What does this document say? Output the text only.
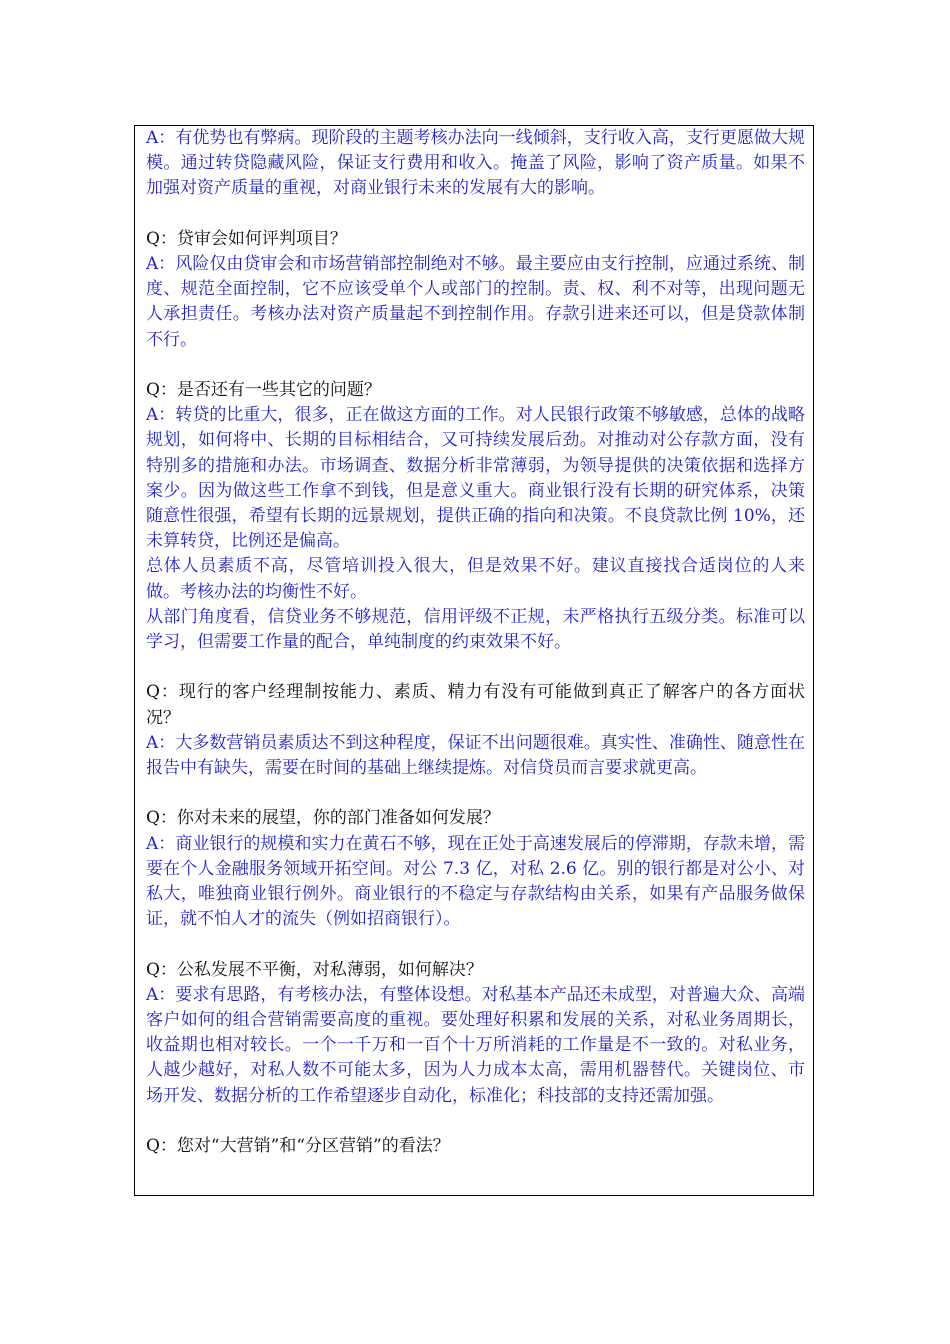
A：有优势也有弊病。现阶段的主题考核办法向一线倾斜，支行收入高，支行更愿做大规模。通过转贷隐藏风险，保证支行费用和收入。掩盖了风险，影响了资产质量。如果不加强对资产质量的重视，对商业银行未来的发展有大的影响。

Q：贷审会如何评判项目？

A：风险仅由贷审会和市场营销部控制绝对不够。最主要应由支行控制，应通过系统、制度、规范全面控制，它不应该受单个人或部门的控制。责、权、利不对等，出现问题无人承担责任。考核办法对资产质量起不到控制作用。存款引进来还可以，但是贷款体制不行。

Q：是否还有一些其它的问题？

A：转贷的比重大，很多，正在做这方面的工作。对人民银行政策不够敏感，总体的战略规划，如何将中、长期的目标相结合，又可持续发展后劲。对推动对公存款方面，没有特别多的措施和办法。市场调查、数据分析非常薄弱，为领导提供的决策依据和选择方案少。因为做这些工作拿不到钱，但是意义重大。商业银行没有长期的研究体系，决策随意性很强，希望有长期的远景规划，提供正确的指向和决策。不良贷款比例 10%，还未算转贷，比例还是偏高。

总体人员素质不高，尽管培训投入很大，但是效果不好。建议直接找合适岗位的人来做。考核办法的均衡性不好。

从部门角度看，信贷业务不够规范，信用评级不正规，未严格执行五级分类。标准可以学习，但需要工作量的配合，单纯制度的约束效果不好。

Q：现行的客户经理制按能力、素质、精力有没有可能做到真正了解客户的各方面状况？

A：大多数营销员素质达不到这种程度，保证不出问题很难。真实性、准确性、随意性在报告中有缺失，需要在时间的基础上继续提炼。对信贷员而言要求就更高。

Q：你对未来的展望，你的部门准备如何发展？

A：商业银行的规模和实力在黄石不够，现在正处于高速发展后的停滞期，存款未增，需要在个人金融服务领域开拓空间。对公 7.3 亿，对私 2.6 亿。别的银行都是对公小、对私大，唯独商业银行例外。商业银行的不稳定与存款结构由关系，如果有产品服务做保证，就不怕人才的流失（例如招商银行）。

Q：公私发展不平衡，对私薄弱，如何解决？

A：要求有思路，有考核办法，有整体设想。对私基本产品还未成型，对普遍大众、高端客户如何的组合营销需要高度的重视。要处理好积累和发展的关系，对私业务周期长，收益期也相对较长。一个一千万和一百个十万所消耗的工作量是不一致的。对私业务，人越少越好，对私人数不可能太多，因为人力成本太高，需用机器替代。关键岗位、市场开发、数据分析的工作希望逐步自动化，标准化；科技部的支持还需加强。

Q：您对“大营销”和“分区营销”的看法？
